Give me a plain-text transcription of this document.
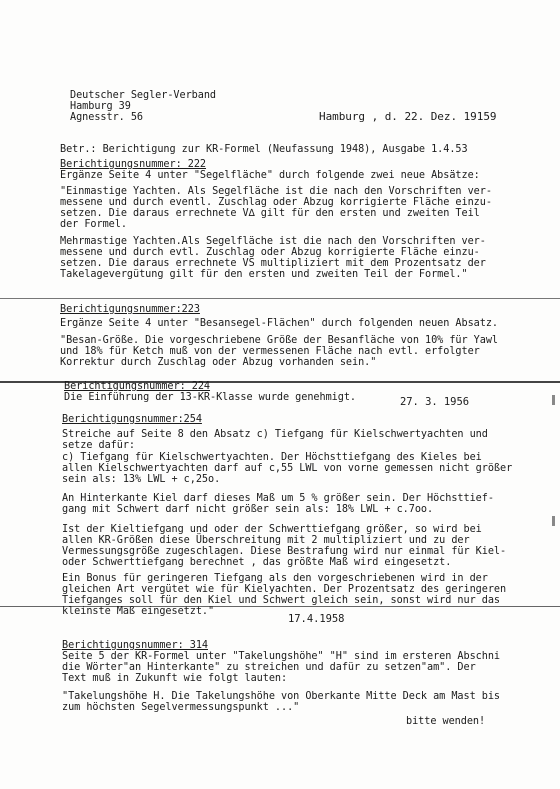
Deutscher Segler-Verband
Hamburg 39
Agnesstr. 56	Hamburg , d. 22. Dez. 19159
Betr.: Berichtigung zur KR-Formel (Neufassung 1948), Ausgabe 1.4.53
Berichtigungsnummer: 222
Ergänze Seite 4 unter "Segelfläche" durch folgende zwei neue Absätze:
"Einmastige Yachten. Als Segelfläche ist die nach den Vorschriften ver-
messene und durch eventl. Zuschlag oder Abzug korrigierte Fläche einzu-
setzen. Die daraus errechnete V∆ gilt für den ersten und zweiten Teil
der Formel.
Mehrmastige Yachten.Als Segelfläche ist die nach den Vorschriften ver-
messene und durch evtl. Zuschlag oder Abzug korrigierte Fläche einzu-
setzen. Die daraus errechnete VS multipliziert mit dem Prozentsatz der
Takelagevergütung gilt für den ersten und zweiten Teil der Formel."
Berichtigungsnummer:223
Ergänze Seite 4 unter "Besansegel-Flächen" durch folgenden neuen Absatz.
"Besan-Größe. Die vorgeschriebene Größe der Besanfläche von 10% für Yawl
und 18% für Ketch muß von der vermessenen Fläche nach evtl. erfolgter
Korrektur durch Zuschlag oder Abzug vorhanden sein."
Berichtigungsnummer: 224
Die Einführung der 13-KR-Klasse wurde genehmigt.	27. 3. 1956
Berichtigungsnummer:254
Streiche auf Seite 8 den Absatz c) Tiefgang für Kielschwertyachten und
setze dafür:
c) Tiefgang für Kielschwertyachten. Der Höchsttiefgang des Kieles bei
allen Kielschwertyachten darf auf c,55 LWL von vorne gemessen nicht größer
sein als: 13% LWL + c,25o.
An Hinterkante Kiel darf dieses Maß um 5 % größer sein. Der Höchsttief-
gang mit Schwert darf nicht größer sein als: 18% LWL + c.7oo.
Ist der Kieltiefgang und oder der Schwerttiefgang größer, so wird bei
allen KR-Größen diese Überschreitung mit 2 multipliziert und zu der
Vermessungsgröße zugeschlagen. Diese Bestrafung wird nur einmal für Kiel-
oder Schwerttiefgang berechnet , das größte Maß wird eingesetzt.
Ein Bonus für geringeren Tiefgang als den vorgeschriebenen wird in der
gleichen Art vergütet wie für Kielyachten. Der Prozentsatz des geringeren
Tiefganges soll für den Kiel und Schwert gleich sein, sonst wird nur das
kleinste Maß eingesetzt."
17.4.1958
Berichtigungsnummer: 314
Seite 5 der KR-Formel unter "Takelungshöhe" "H" sind im ersteren Abschni
die Wörter"an Hinterkante" zu streichen und dafür zu setzen"am". Der
Text muß in Zukunft wie folgt lauten:
"Takelungshöhe H. Die Takelungshöhe von Oberkante Mitte Deck am Mast bis
zum höchsten Segelvermessungspunkt ..."
bitte wenden!
